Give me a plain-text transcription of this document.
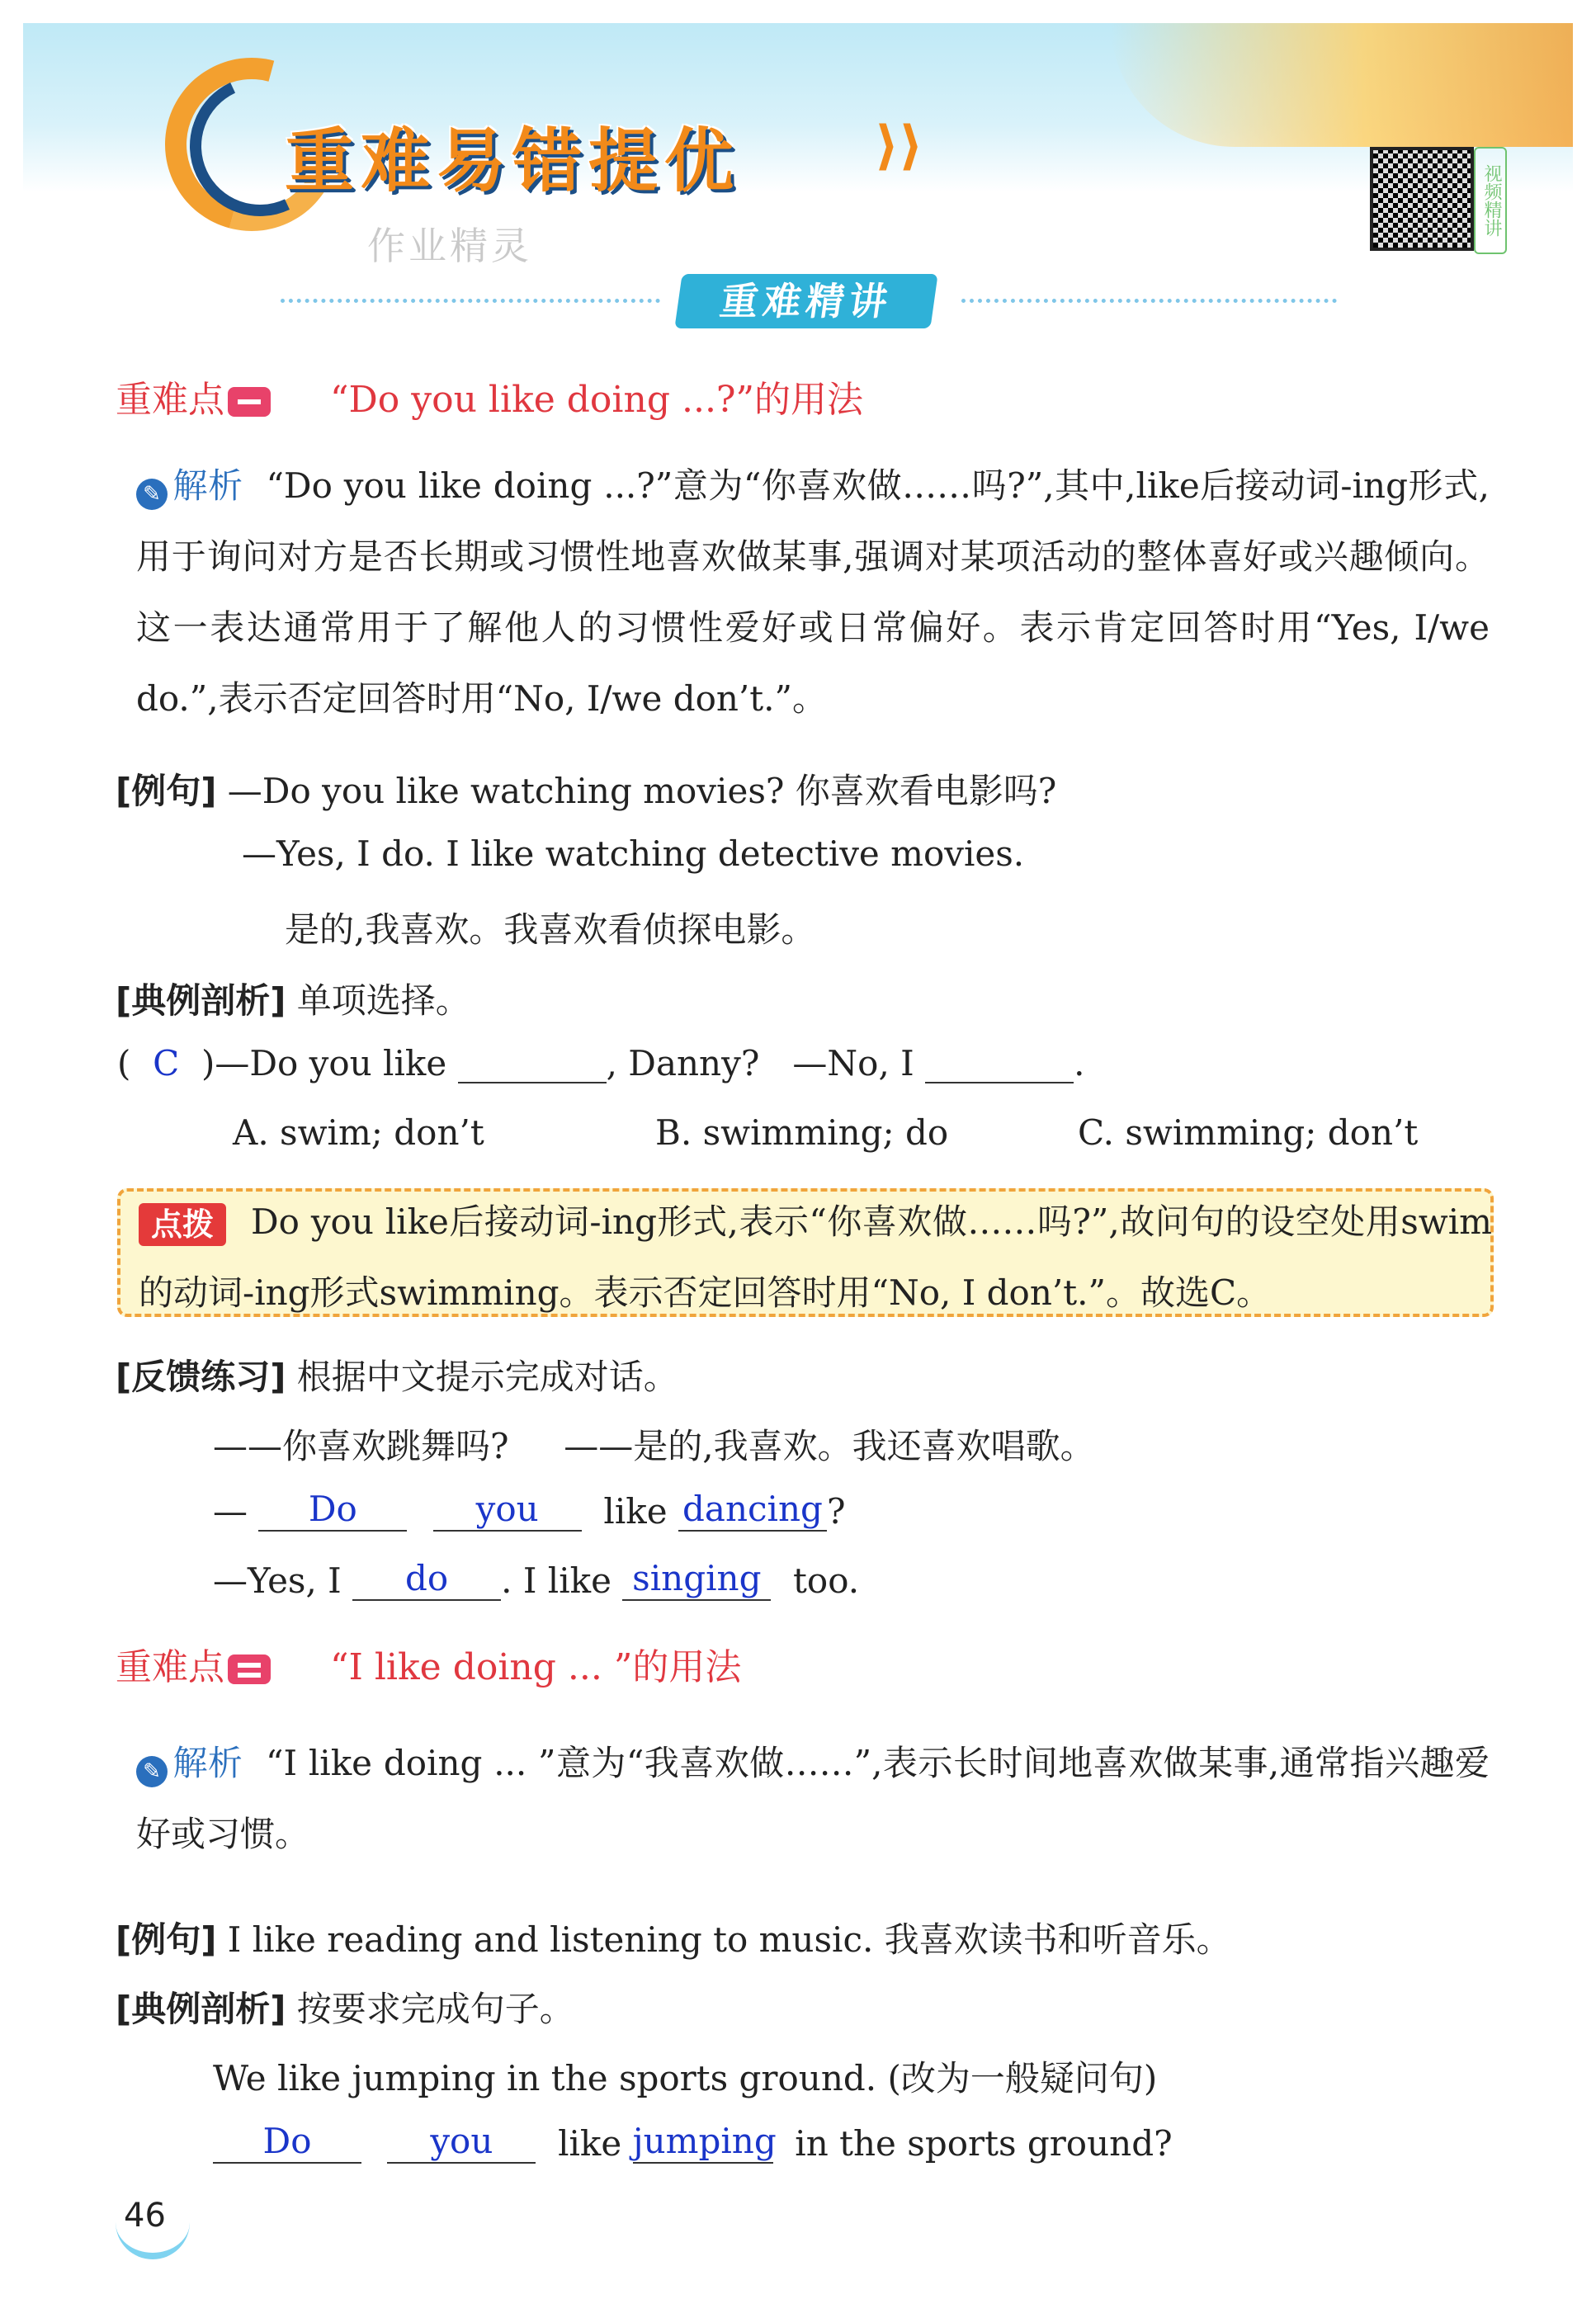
重难易错提优	⟩⟩
视频精讲
作业精灵
重难精讲
重难点	“Do you like doing ...?”的用法
✎ 解析 “Do you like doing ...?”意为“你喜欢做……吗?”,其中,like后接动词-ing形式,用于询问对方是否长期或习惯性地喜欢做某事,强调对某项活动的整体喜好或兴趣倾向。这一表达通常用于了解他人的习惯性爱好或日常偏好。表示肯定回答时用“Yes, I/we do.”,表示否定回答时用“No, I/we don’t.”。
[例句] —Do you like watching movies? 你喜欢看电影吗?
—Yes, I do. I like watching detective movies.
是的,我喜欢。我喜欢看侦探电影。
[典例剖析] 单项选择。
( C )—Do you like	, Danny? —No, I	.
A. swim; don’t	B. swimming; do	C. swimming; don’t
点拨	Do you like后接动词-ing形式,表示“你喜欢做……吗?”,故问句的设空处用swim的动词-ing形式swimming。表示否定回答时用“No, I don’t.”。故选C。
[反馈练习] 根据中文提示完成对话。
——你喜欢跳舞吗?     ——是的,我喜欢。我还喜欢唱歌。
— Do	you like dancing ?
—Yes, I do . I like singing too.
重难点	“I like doing ... ”的用法
✎ 解析 “I like doing ... ”意为“我喜欢做……”,表示长时间地喜欢做某事,通常指兴趣爱好或习惯。
[例句] I like reading and listening to music. 我喜欢读书和听音乐。
[典例剖析] 按要求完成句子。
We like jumping in the sports ground. (改为一般疑问句)
Do	you like jumping in the sports ground?
46
